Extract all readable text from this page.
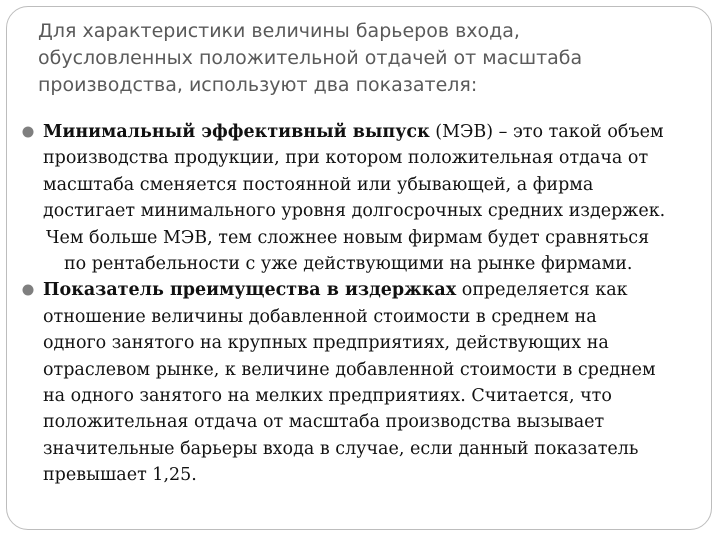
Для характеристики величины барьеров входа,
обусловленных положительной отдачей от масштаба
производства, используют два показателя:
Минимальный эффективный выпуск (МЭВ) – это такой объем
производства продукции, при котором положительная отдача от
масштаба сменяется постоянной или убывающей, а фирма
достигает минимального уровня долгосрочных средних издержек.
Чем больше МЭВ, тем сложнее новым фирмам будет сравняться
по рентабельности с уже действующими на рынке фирмами.
Показатель преимущества в издержках определяется как
отношение величины добавленной стоимости в среднем на
одного занятого на крупных предприятиях, действующих на
отраслевом рынке, к величине добавленной стоимости в среднем
на одного занятого на мелких предприятиях. Считается, что
положительная отдача от масштаба производства вызывает
значительные барьеры входа в случае, если данный показатель
превышает 1,25.
